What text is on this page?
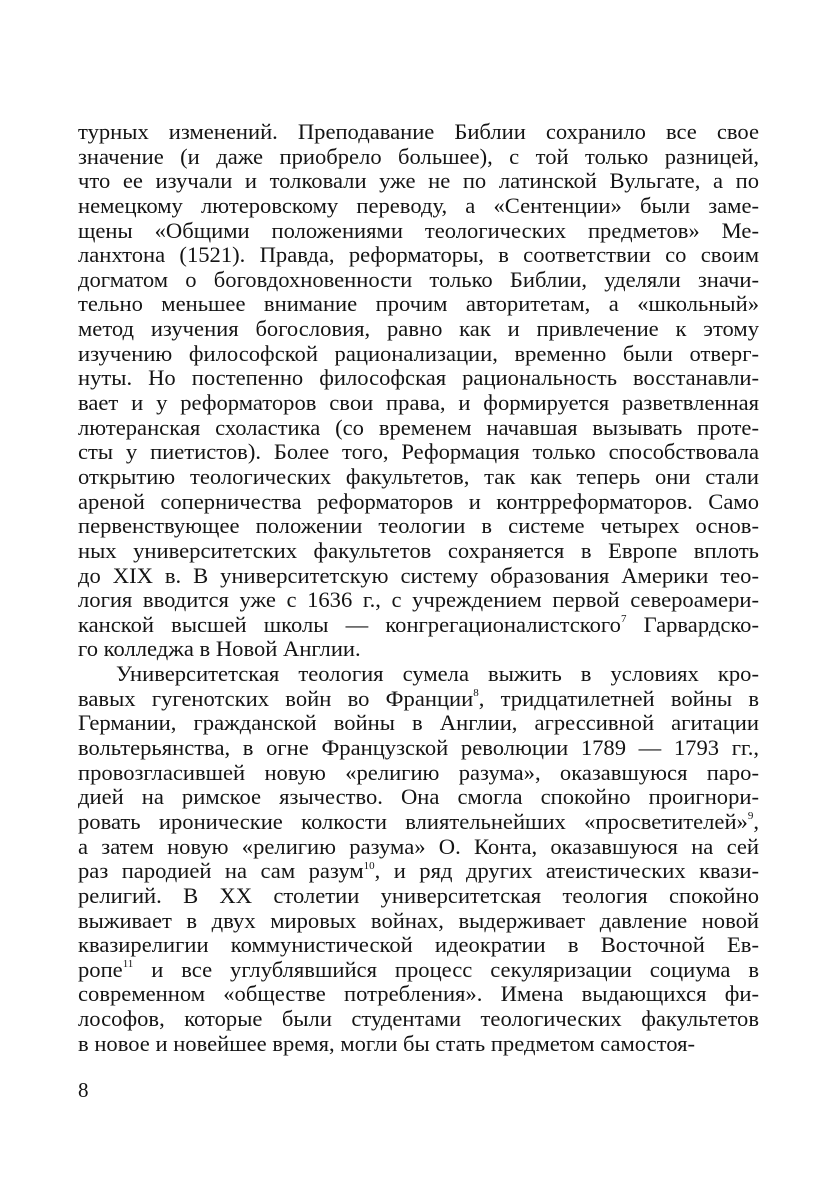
турных изменений. Преподавание Библии сохранило все свое
значение (и даже приобрело большее), с той только разницей,
что ее изучали и толковали уже не по латинской Вульгате, а по
немецкому лютеровскому переводу, а «Сентенции» были заме-
щены «Общими положениями теологических предметов» Ме-
ланхтона (1521). Правда, реформаторы, в соответствии со своим
догматом о боговдохновенности только Библии, уделяли значи-
тельно меньшее внимание прочим авторитетам, а «школьный»
метод изучения богословия, равно как и привлечение к этому
изучению философской рационализации, временно были отверг-
нуты. Но постепенно философская рациональность восстанавли-
вает и у реформаторов свои права, и формируется разветвленная
лютеранская схоластика (со временем начавшая вызывать протe-
сты у пиетистов). Более того, Реформация только способствовала
открытию теологических факультетов, так как теперь они стали
ареной соперничества реформаторов и контрреформаторов. Само
первенствующее положении теологии в системе четырех основ-
ных университетских факультетов сохраняется в Европе вплоть
до XIX в. В университетскую систему образования Америки тео-
логия вводится уже с 1636 г., с учреждением первой североамери-
канской высшей школы — конгрегационалистского$^7$ Гарвардско-
го колледжа в Новой Англии.
Университетская теология сумела выжить в условиях кро-
вавых гугенотских войн во Франции$^8$, тридцатилетней войны в
Германии, гражданской войны в Англии, агрессивной агитации
вольтерьянства, в огне Французской революции 1789 — 1793 гг.,
провозгласившей новую «религию разума», оказавшуюся паро-
дией на римское язычество. Она смогла спокойно проигнори-
ровать иронические колкости влиятельнейших «просветителей»$^9$,
а затем новую «религию разума» О. Конта, оказавшуюся на сей
раз пародией на сам разум$^{10}$, и ряд других атеистических квази-
религий. В XX столетии университетская теология спокойно
выживает в двух мировых войнах, выдерживает давление новой
квазирелигии коммунистической идеократии в Восточной Ев-
ропе$^{11}$ и все углублявшийся процесс секуляризации социума в
современном «обществе потребления». Имена выдающихся фи-
лософов, которые были студентами теологических факультетов
в новое и новейшее время, могли бы стать предметом самостоя-
8
